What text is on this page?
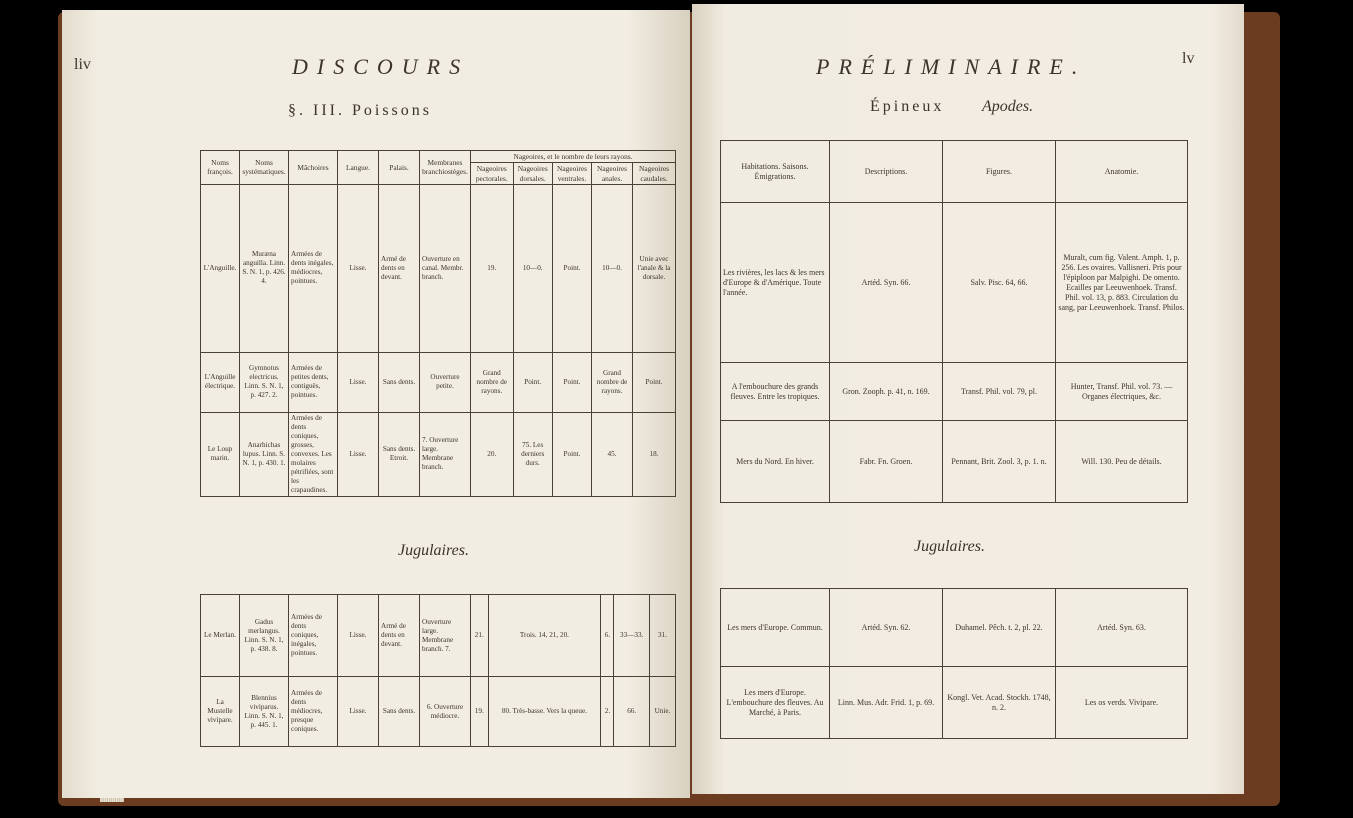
liv	DISCOURS
§. III. Poissons
Noms françois.	Noms systématiques.	Mâchoires	Langue.	Palais.	Membranes branchiostèges.	Nageoires, et le nombre de leurs rayons.				
						Nageoires pectorales.	Nageoires dorsales.	Nageoires ventrales.	Nageoires anales.	Nageoires caudales.
L'Anguille.	Muræna anguilla. Linn. S. N. 1, p. 426. 4.	Armées de dents inégales, médiocres, pointues.	Lisse.	Armé de dents en devant.	Ouverture en canal. Membr. branch.	19.	10—0.	Point.	10—0.	Unie avec l'anale & la dorsale.
L'Anguille électrique.	Gymnotus electricus. Linn. S. N. 1, p. 427. 2.	Armées de petites dents, contiguës, pointues.	Lisse.	Sans dents.	Ouverture petite.	Grand nombre de rayons.	Point.	Point.	Grand nombre de rayons.	Point.
Le Loup marin.	Anarhichas lupus. Linn. S. N. 1, p. 430. 1.	Armées de dents coniques, grosses, convexes. Les molaires pétrifiées, sont les crapaudines.	Lisse.	Sans dents. Etroit.	7. Ouverture large. Membrane branch.	20.	75. Les derniers durs.	Point.	45.	18.
Jugulaires.
Le Merlan.	Gadus merlangus. Linn. S. N. 1, p. 438. 8.	Armées de dents coniques, inégales, pointues.	Lisse.	Armé de dents en devant.	Ouverture large. Membrane branch. 7.	21.	Trois. 14, 21, 20.	6.	33—33.	31.
La Mustelle vivipare.	Blennius viviparus. Linn. S. N. 1, p. 445. 1.	Armées de dents médiocres, presque coniques.	Lisse.	Sans dents.	6. Ouverture médiocre.	19.	80. Très-basse. Vers la queue.	2.	66.	Unie.
PRÉLIMINAIRE.	lv
Épineux Apodes.
Habitations. Saisons. Émigrations.	Descriptions.	Figures.	Anatomie.
Les rivières, les lacs & les mers d'Europe & d'Amérique. Toute l'année.	Artéd. Syn. 66.	Salv. Pisc. 64, 66.	Muralt, cum fig. Valent. Amph. 1, p. 256. Les ovaires. Vallisneri. Pris pour l'épiploon par Malpighi. De omento. Ecailles par Leeuwenhoek. Transf. Phil. vol. 13, p. 883. Circulation du sang, par Leeuwenhoek. Transf. Philos.
A l'embouchure des grands fleuves. Entre les tropiques.	Gron. Zooph. p. 41, n. 169.	Transf. Phil. vol. 79, pl.	Hunter, Transf. Phil. vol. 73. — Organes électriques, &c.
Mers du Nord. En hiver.	Fabr. Fn. Groen.	Pennant, Brit. Zool. 3, p. 1. n.	Will. 130. Peu de détails.
Jugulaires.
Les mers d'Europe. Commun.	Artéd. Syn. 62.	Duhamel. Pêch. t. 2, pl. 22.	Artéd. Syn. 63.
Les mers d'Europe. L'embouchure des fleuves. Au Marché, à Paris.	Linn. Mus. Adr. Frid. 1, p. 69.	Kongl. Vet. Acad. Stockh. 1748, n. 2.	Les os verds. Vivipare.
